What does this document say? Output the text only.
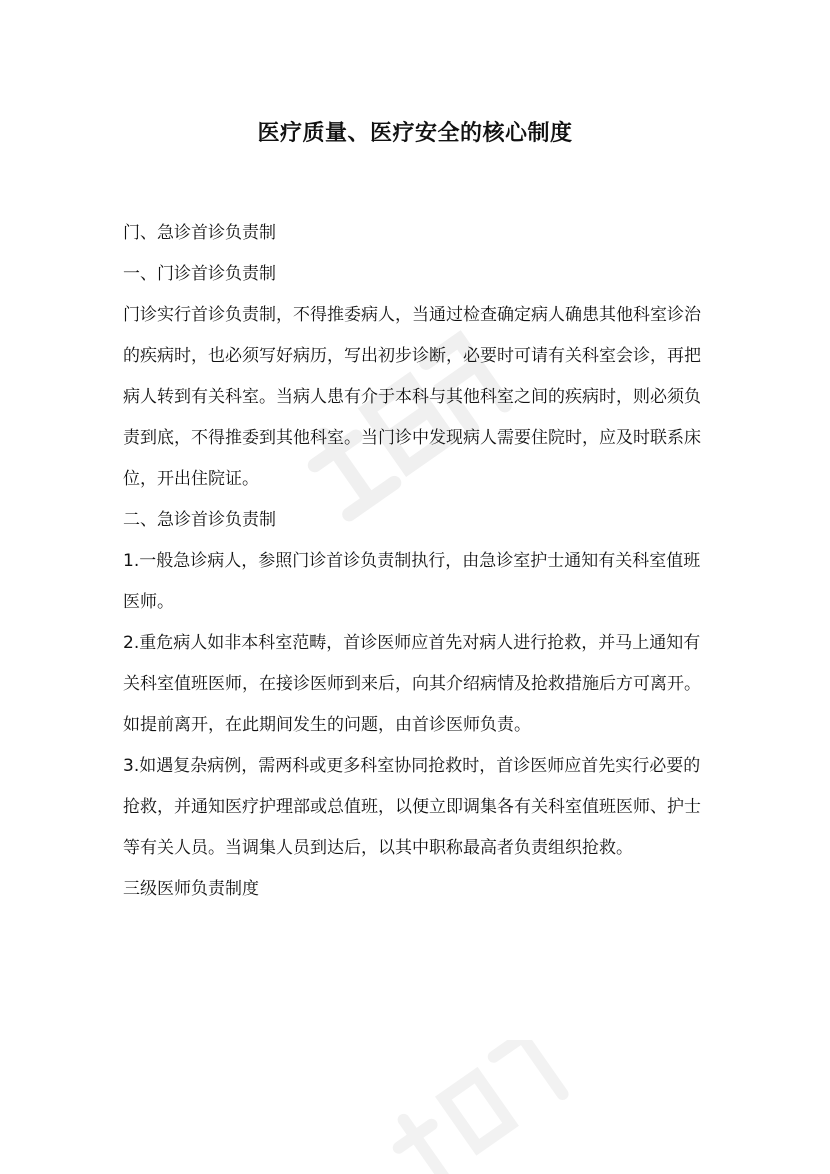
医疗质量、医疗安全的核心制度

门、急诊首诊负责制

一、门诊首诊负责制

门诊实行首诊负责制，不得推委病人，当通过检查确定病人确患其他科室诊治的疾病时，也必须写好病历，写出初步诊断，必要时可请有关科室会诊，再把病人转到有关科室。当病人患有介于本科与其他科室之间的疾病时，则必须负责到底，不得推委到其他科室。当门诊中发现病人需要住院时，应及时联系床位，开出住院证。

二、急诊首诊负责制

1.一般急诊病人，参照门诊首诊负责制执行，由急诊室护士通知有关科室值班医师。

2.重危病人如非本科室范畴，首诊医师应首先对病人进行抢救，并马上通知有关科室值班医师，在接诊医师到来后，向其介绍病情及抢救措施后方可离开。如提前离开，在此期间发生的问题，由首诊医师负责。

3.如遇复杂病例，需两科或更多科室协同抢救时，首诊医师应首先实行必要的抢救，并通知医疗护理部或总值班，以便立即调集各有关科室值班医师、护士等有关人员。当调集人员到达后，以其中职称最高者负责组织抢救。

三级医师负责制度
